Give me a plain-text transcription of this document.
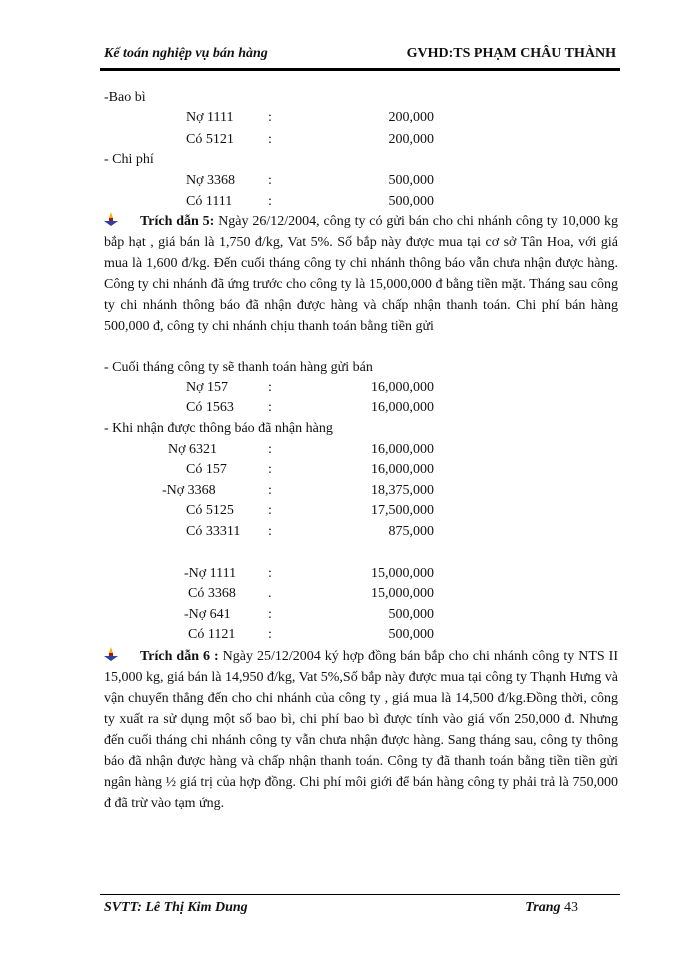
Kế toán nghiệp vụ bán hàng	GVHD:TS PHẠM CHÂU THÀNH
-Bao bì
Nợ 1111 :	200,000
Có 5121 :	200,000
- Chi phí
Nợ 3368 :	500,000
Có 1111	:	500,000
Trích dẫn 5: Ngày 26/12/2004, công ty có gửi bán cho chi nhánh công ty 10,000 kg bắp hạt , giá bán là 1,750 đ/kg, Vat 5%. Số bắp này được mua tại cơ sở Tân Hoa, với giá mua là 1,600 đ/kg. Đến cuối tháng công ty chi nhánh thông báo vẫn chưa nhận được hàng. Công ty chi nhánh đã ứng trước cho công ty là 15,000,000 đ bằng tiền mặt. Tháng sau công ty chi nhánh thông báo đã nhận được hàng và chấp nhận thanh toán. Chi phí bán hàng 500,000 đ, công ty chi nhánh chịu thanh toán bằng tiền gửi
- Cuối tháng công ty sẽ thanh toán hàng gửi bán
Nợ 157	:	16,000,000
Có 1563 :	16,000,000
- Khi nhận được thông báo đã nhận hàng
Nợ 6321	:	16,000,000
Có 157	:	16,000,000
-Nợ 3368	:	18,375,000
Có 5125 :	17,500,000
Có 33311 :	875,000
-Nợ 1111 :	15,000,000
Có 3368 .	15,000,000
-Nợ 641	:	500,000
Có 1121 :	500,000
Trích dẫn 6 : Ngày 25/12/2004 ký hợp đồng bán bắp cho chi nhánh công ty NTS II 15,000 kg, giá bán là 14,950 đ/kg, Vat 5%,Số bắp này được mua tại công ty Thạnh Hưng và vận chuyển thẳng đến cho chi nhánh của công ty , giá mua là 14,500 đ/kg.Đồng thời, công ty xuất ra sử dụng một số bao bì, chi phí bao bì được tính vào giá vốn 250,000 đ. Nhưng đến cuối tháng chi nhánh công ty vẫn chưa nhận được hàng. Sang tháng sau, công ty thông báo đã nhận được hàng và chấp nhận thanh toán. Công ty đã thanh toán bằng tiền tiền gửi ngân hàng ½ giá trị của hợp đồng. Chi phí môi giới để bán hàng công ty phải trả là 750,000 đ đã trừ vào tạm ứng.
SVTT: Lê Thị Kim Dung	Trang 43
